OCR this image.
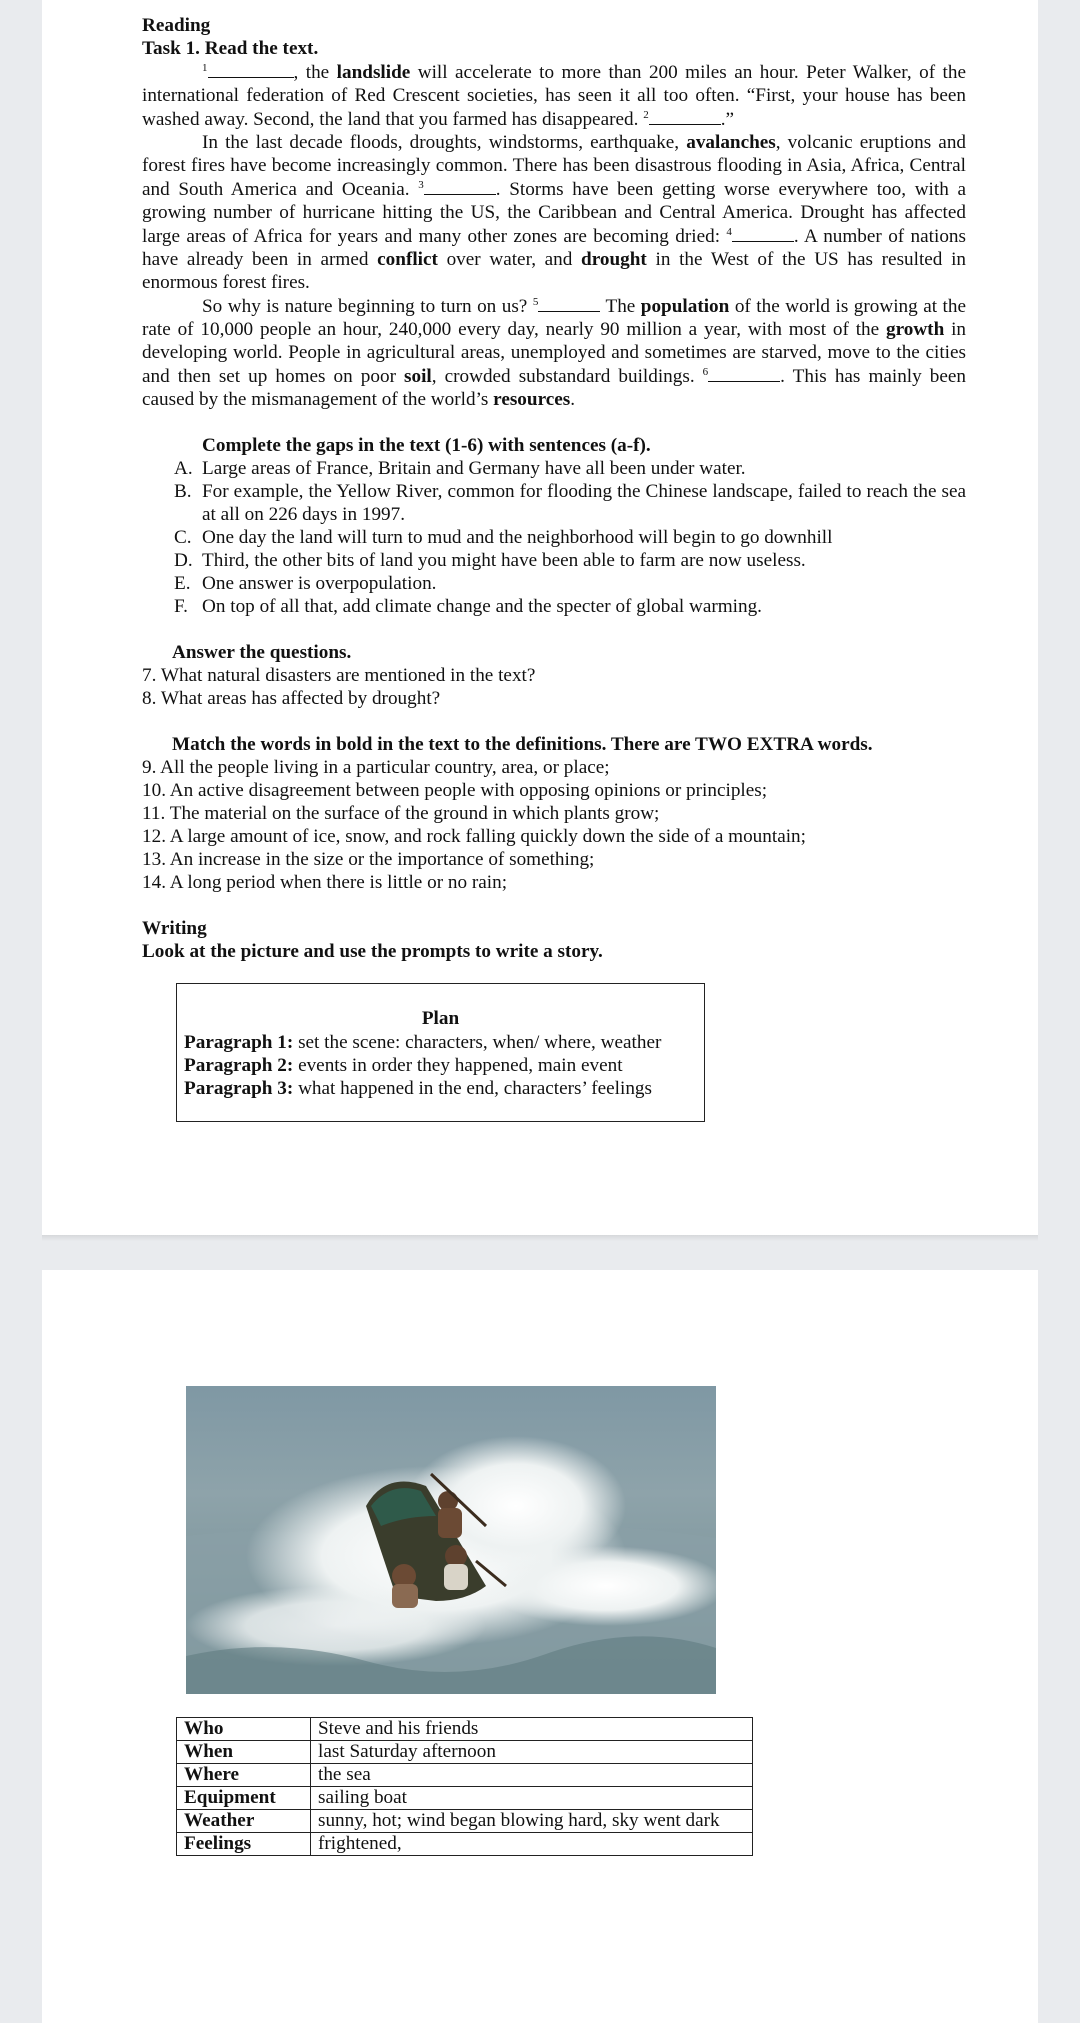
Reading
Task 1. Read the text.

$^1$	, the landslide will accelerate to more than 200 miles an hour. Peter Walker, of the international federation of Red Crescent societies, has seen it all too often. “First, your house has been washed away. Second, the land that you farmed has disappeared. $^2$	.”

In the last decade floods, droughts, windstorms, earthquake, avalanches, volcanic eruptions and forest fires have become increasingly common. There has been disastrous flooding in Asia, Africa, Central and South America and Oceania. $^3$	. Storms have been getting worse everywhere too, with a growing number of hurricane hitting the US, the Caribbean and Central America. Drought has affected large areas of Africa for years and many other zones are becoming dried: $^4$	. A number of nations have already been in armed conflict over water, and drought in the West of the US has resulted in enormous forest fires.

So why is nature beginning to turn on us? $^5$	The population of the world is growing at the rate of 10,000 people an hour, 240,000 every day, nearly 90 million a year, with most of the growth in developing world. People in agricultural areas, unemployed and sometimes are starved, move to the cities and then set up homes on poor soil, crowded substandard buildings. $^6$	. This has mainly been caused by the mismanagement of the world’s resources.

Complete the gaps in the text (1-6) with sentences (a-f).
A. Large areas of France, Britain and Germany have all been under water.
B. For example, the Yellow River, common for flooding the Chinese landscape, failed to reach the sea at all on 226 days in 1997.
C. One day the land will turn to mud and the neighborhood will begin to go downhill
D. Third, the other bits of land you might have been able to farm are now useless.
E. One answer is overpopulation.
F. On top of all that, add climate change and the specter of global warming.
Answer the questions.
7. What natural disasters are mentioned in the text?
8. What areas has affected by drought?
Match the words in bold in the text to the definitions. There are TWO EXTRA words.
9. All the people living in a particular country, area, or place;
10. An active disagreement between people with opposing opinions or principles;
11. The material on the surface of the ground in which plants grow;
12. A large amount of ice, snow, and rock falling quickly down the side of a mountain;
13. An increase in the size or the importance of something;
14. A long period when there is little or no rain;
Writing
Look at the picture and use the prompts to write a story.
Plan
Paragraph 1: set the scene: characters, when/ where, weather
Paragraph 2: events in order they happened, main event
Paragraph 3: what happened in the end, characters’ feelings
Who	Steve and his friends
When	last Saturday afternoon
Where	the sea
Equipment	sailing boat
Weather	sunny, hot; wind began blowing hard, sky went dark
Feelings	frightened,
